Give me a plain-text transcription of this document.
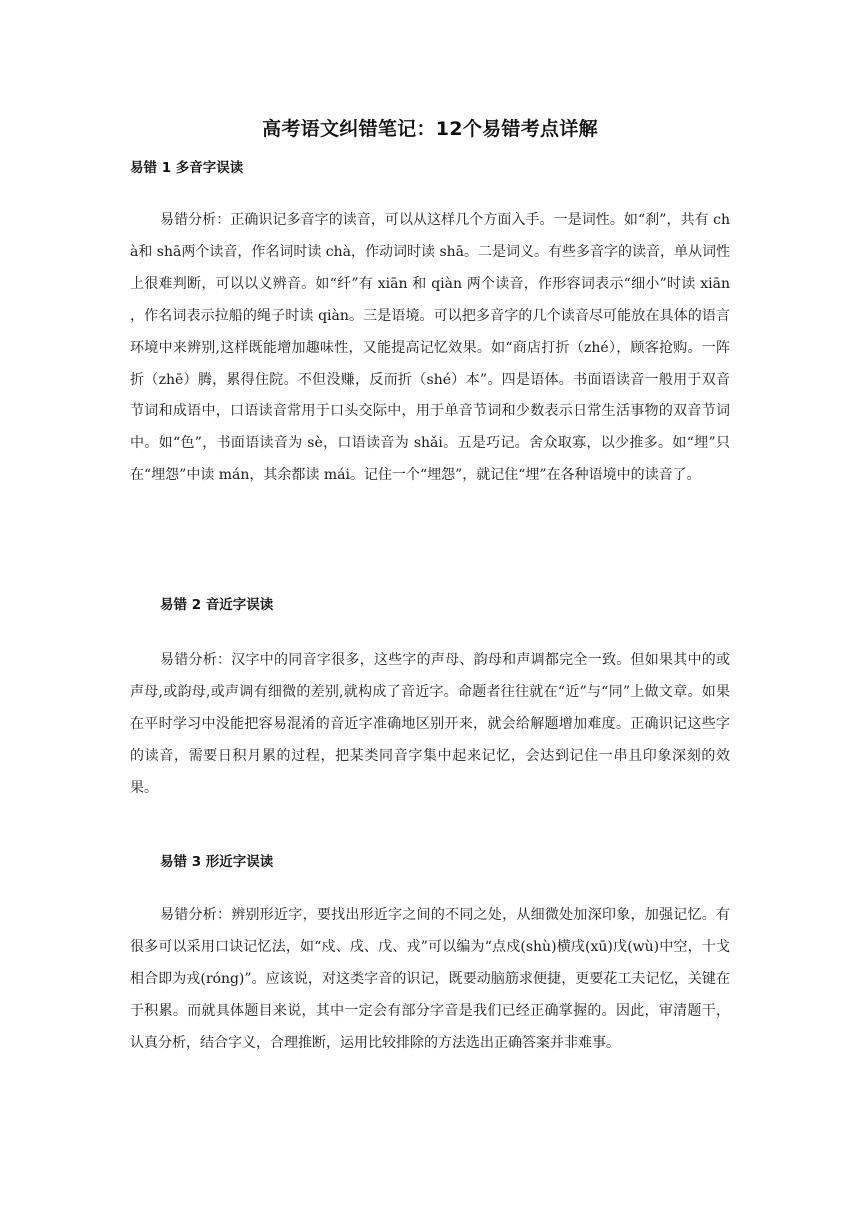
高考语文纠错笔记：12个易错考点详解
易错 1 多音字误读
易错分析：正确识记多音字的读音，可以从这样几个方面入手。一是词性。如“刹”，共有 chà和 shā两个读音，作名词时读 chà，作动词时读 shā。二是词义。有些多音字的读音，单从词性上很难判断，可以以义辨音。如“纤”有 xiān 和 qiàn 两个读音，作形容词表示“细小”时读 xiān ，作名词表示拉船的绳子时读 qiàn。三是语境。可以把多音字的几个读音尽可能放在具体的语言环境中来辨别,这样既能增加趣味性，又能提高记忆效果。如“商店打折（zhé），顾客抢购。一阵折（zhē）腾，累得住院。不但没赚，反而折（shé）本”。四是语体。书面语读音一般用于双音节词和成语中，口语读音常用于口头交际中，用于单音节词和少数表示日常生活事物的双音节词中。如“色”，书面语读音为 sè，口语读音为 shǎi。五是巧记。舍众取寡，以少推多。如“埋”只在“埋怨”中读 mán，其余都读 mái。记住一个“埋怨”，就记住“埋”在各种语境中的读音了。
易错 2 音近字误读
易错分析：汉字中的同音字很多，这些字的声母、韵母和声调都完全一致。但如果其中的或声母,或韵母,或声调有细微的差别,就构成了音近字。命题者往往就在“近”与“同”上做文章。如果在平时学习中没能把容易混淆的音近字准确地区别开来，就会给解题增加难度。正确识记这些字的读音，需要日积月累的过程，把某类同音字集中起来记忆，会达到记住一串且印象深刻的效果。
易错 3 形近字误读
易错分析：辨别形近字，要找出形近字之间的不同之处，从细微处加深印象，加强记忆。有很多可以采用口诀记忆法，如“戍、戌、戊、戎”可以编为“点戍(shù)横戌(xū)戊(wù)中空，十戈相合即为戎(róng)”。应该说，对这类字音的识记，既要动脑筋求便捷，更要花工夫记忆，关键在于积累。而就具体题目来说，其中一定会有部分字音是我们已经正确掌握的。因此，审清题干，认真分析，结合字义，合理推断，运用比较排除的方法选出正确答案并非难事。
